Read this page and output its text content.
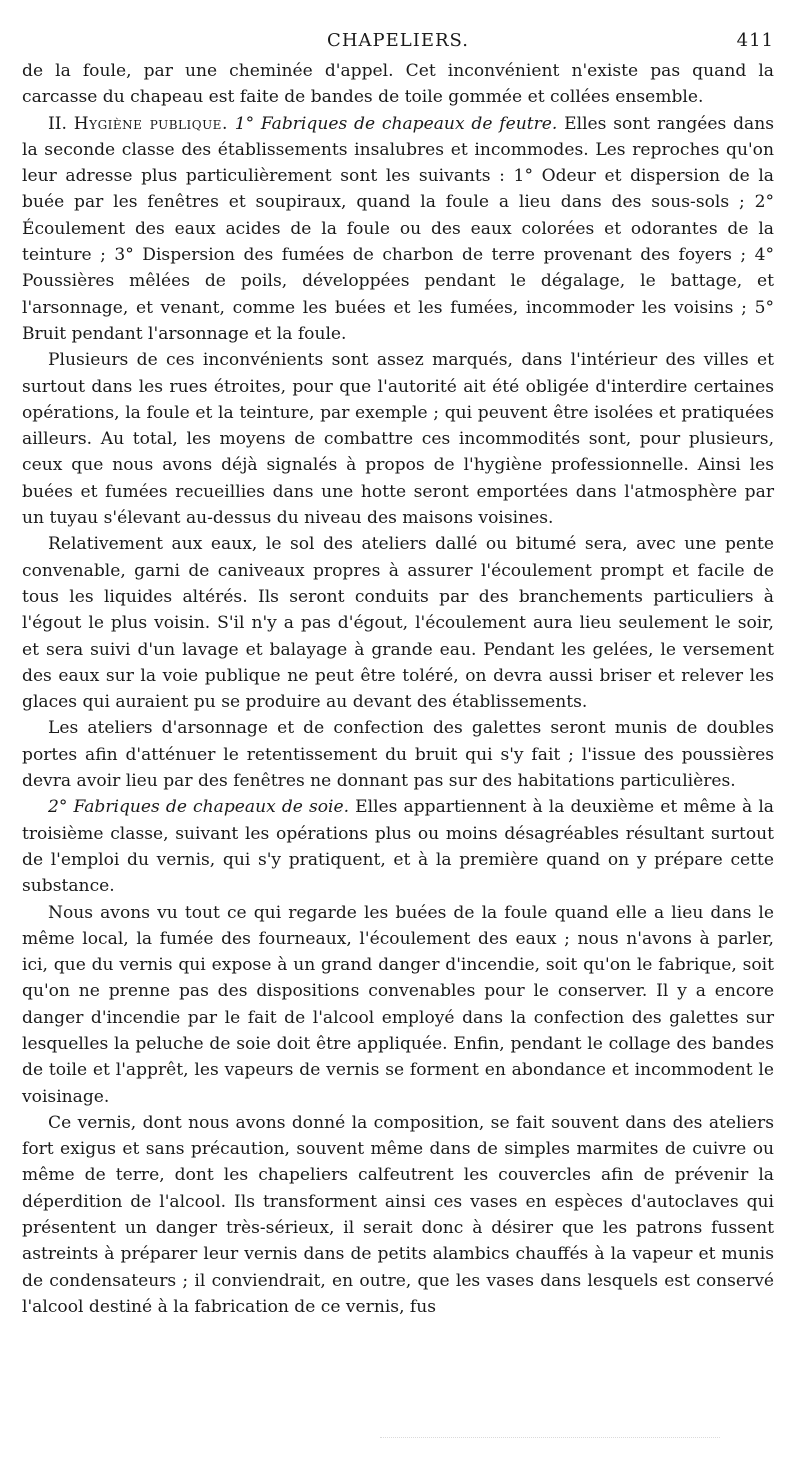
CHAPELIERS.	411

de la foule, par une cheminée d'appel. Cet inconvénient n'existe pas quand la carcasse du chapeau est faite de bandes de toile gommée et collées ensemble.

II. Hygiène publique. 1° Fabriques de chapeaux de feutre. Elles sont rangées dans la seconde classe des établissements insalubres et incommodes. Les reproches qu'on leur adresse plus particulièrement sont les suivants : 1° Odeur et dispersion de la buée par les fenêtres et soupiraux, quand la foule a lieu dans des sous-sols ; 2° Écoulement des eaux acides de la foule ou des eaux colorées et odorantes de la teinture ; 3° Dispersion des fumées de charbon de terre provenant des foyers ; 4° Poussières mêlées de poils, développées pendant le dégalage, le battage, et l'arsonnage, et venant, comme les buées et les fumées, incommoder les voisins ; 5° Bruit pendant l'arsonnage et la foule.

Plusieurs de ces inconvénients sont assez marqués, dans l'intérieur des villes et surtout dans les rues étroites, pour que l'autorité ait été obligée d'interdire certaines opérations, la foule et la teinture, par exemple ; qui peuvent être isolées et pratiquées ailleurs. Au total, les moyens de combattre ces incommodités sont, pour plusieurs, ceux que nous avons déjà signalés à propos de l'hygiène professionnelle. Ainsi les buées et fumées recueillies dans une hotte seront emportées dans l'atmosphère par un tuyau s'élevant au-dessus du niveau des maisons voisines.

Relativement aux eaux, le sol des ateliers dallé ou bitumé sera, avec une pente convenable, garni de caniveaux propres à assurer l'écoulement prompt et facile de tous les liquides altérés. Ils seront conduits par des branchements particuliers à l'égout le plus voisin. S'il n'y a pas d'égout, l'écoulement aura lieu seulement le soir, et sera suivi d'un lavage et balayage à grande eau. Pendant les gelées, le versement des eaux sur la voie publique ne peut être toléré, on devra aussi briser et relever les glaces qui auraient pu se produire au devant des établissements.

Les ateliers d'arsonnage et de confection des galettes seront munis de doubles portes afin d'atténuer le retentissement du bruit qui s'y fait ; l'issue des poussières devra avoir lieu par des fenêtres ne donnant pas sur des habitations particulières.

2° Fabriques de chapeaux de soie. Elles appartiennent à la deuxième et même à la troisième classe, suivant les opérations plus ou moins désagréables résultant surtout de l'emploi du vernis, qui s'y pratiquent, et à la première quand on y prépare cette substance.

Nous avons vu tout ce qui regarde les buées de la foule quand elle a lieu dans le même local, la fumée des fourneaux, l'écoulement des eaux ; nous n'avons à parler, ici, que du vernis qui expose à un grand danger d'incendie, soit qu'on le fabrique, soit qu'on ne prenne pas des dispositions convenables pour le conserver. Il y a encore danger d'incendie par le fait de l'alcool employé dans la confection des galettes sur lesquelles la peluche de soie doit être appliquée. Enfin, pendant le collage des bandes de toile et l'apprêt, les vapeurs de vernis se forment en abondance et incommodent le voisinage.

Ce vernis, dont nous avons donné la composition, se fait souvent dans des ateliers fort exigus et sans précaution, souvent même dans de simples marmites de cuivre ou même de terre, dont les chapeliers calfeutrent les couvercles afin de prévenir la déperdition de l'alcool. Ils transforment ainsi ces vases en espèces d'autoclaves qui présentent un danger très-sérieux, il serait donc à désirer que les patrons fussent astreints à préparer leur vernis dans de petits alambics chauffés à la vapeur et munis de condensateurs ; il conviendrait, en outre, que les vases dans lesquels est conservé l'alcool destiné à la fabrication de ce vernis, fus
